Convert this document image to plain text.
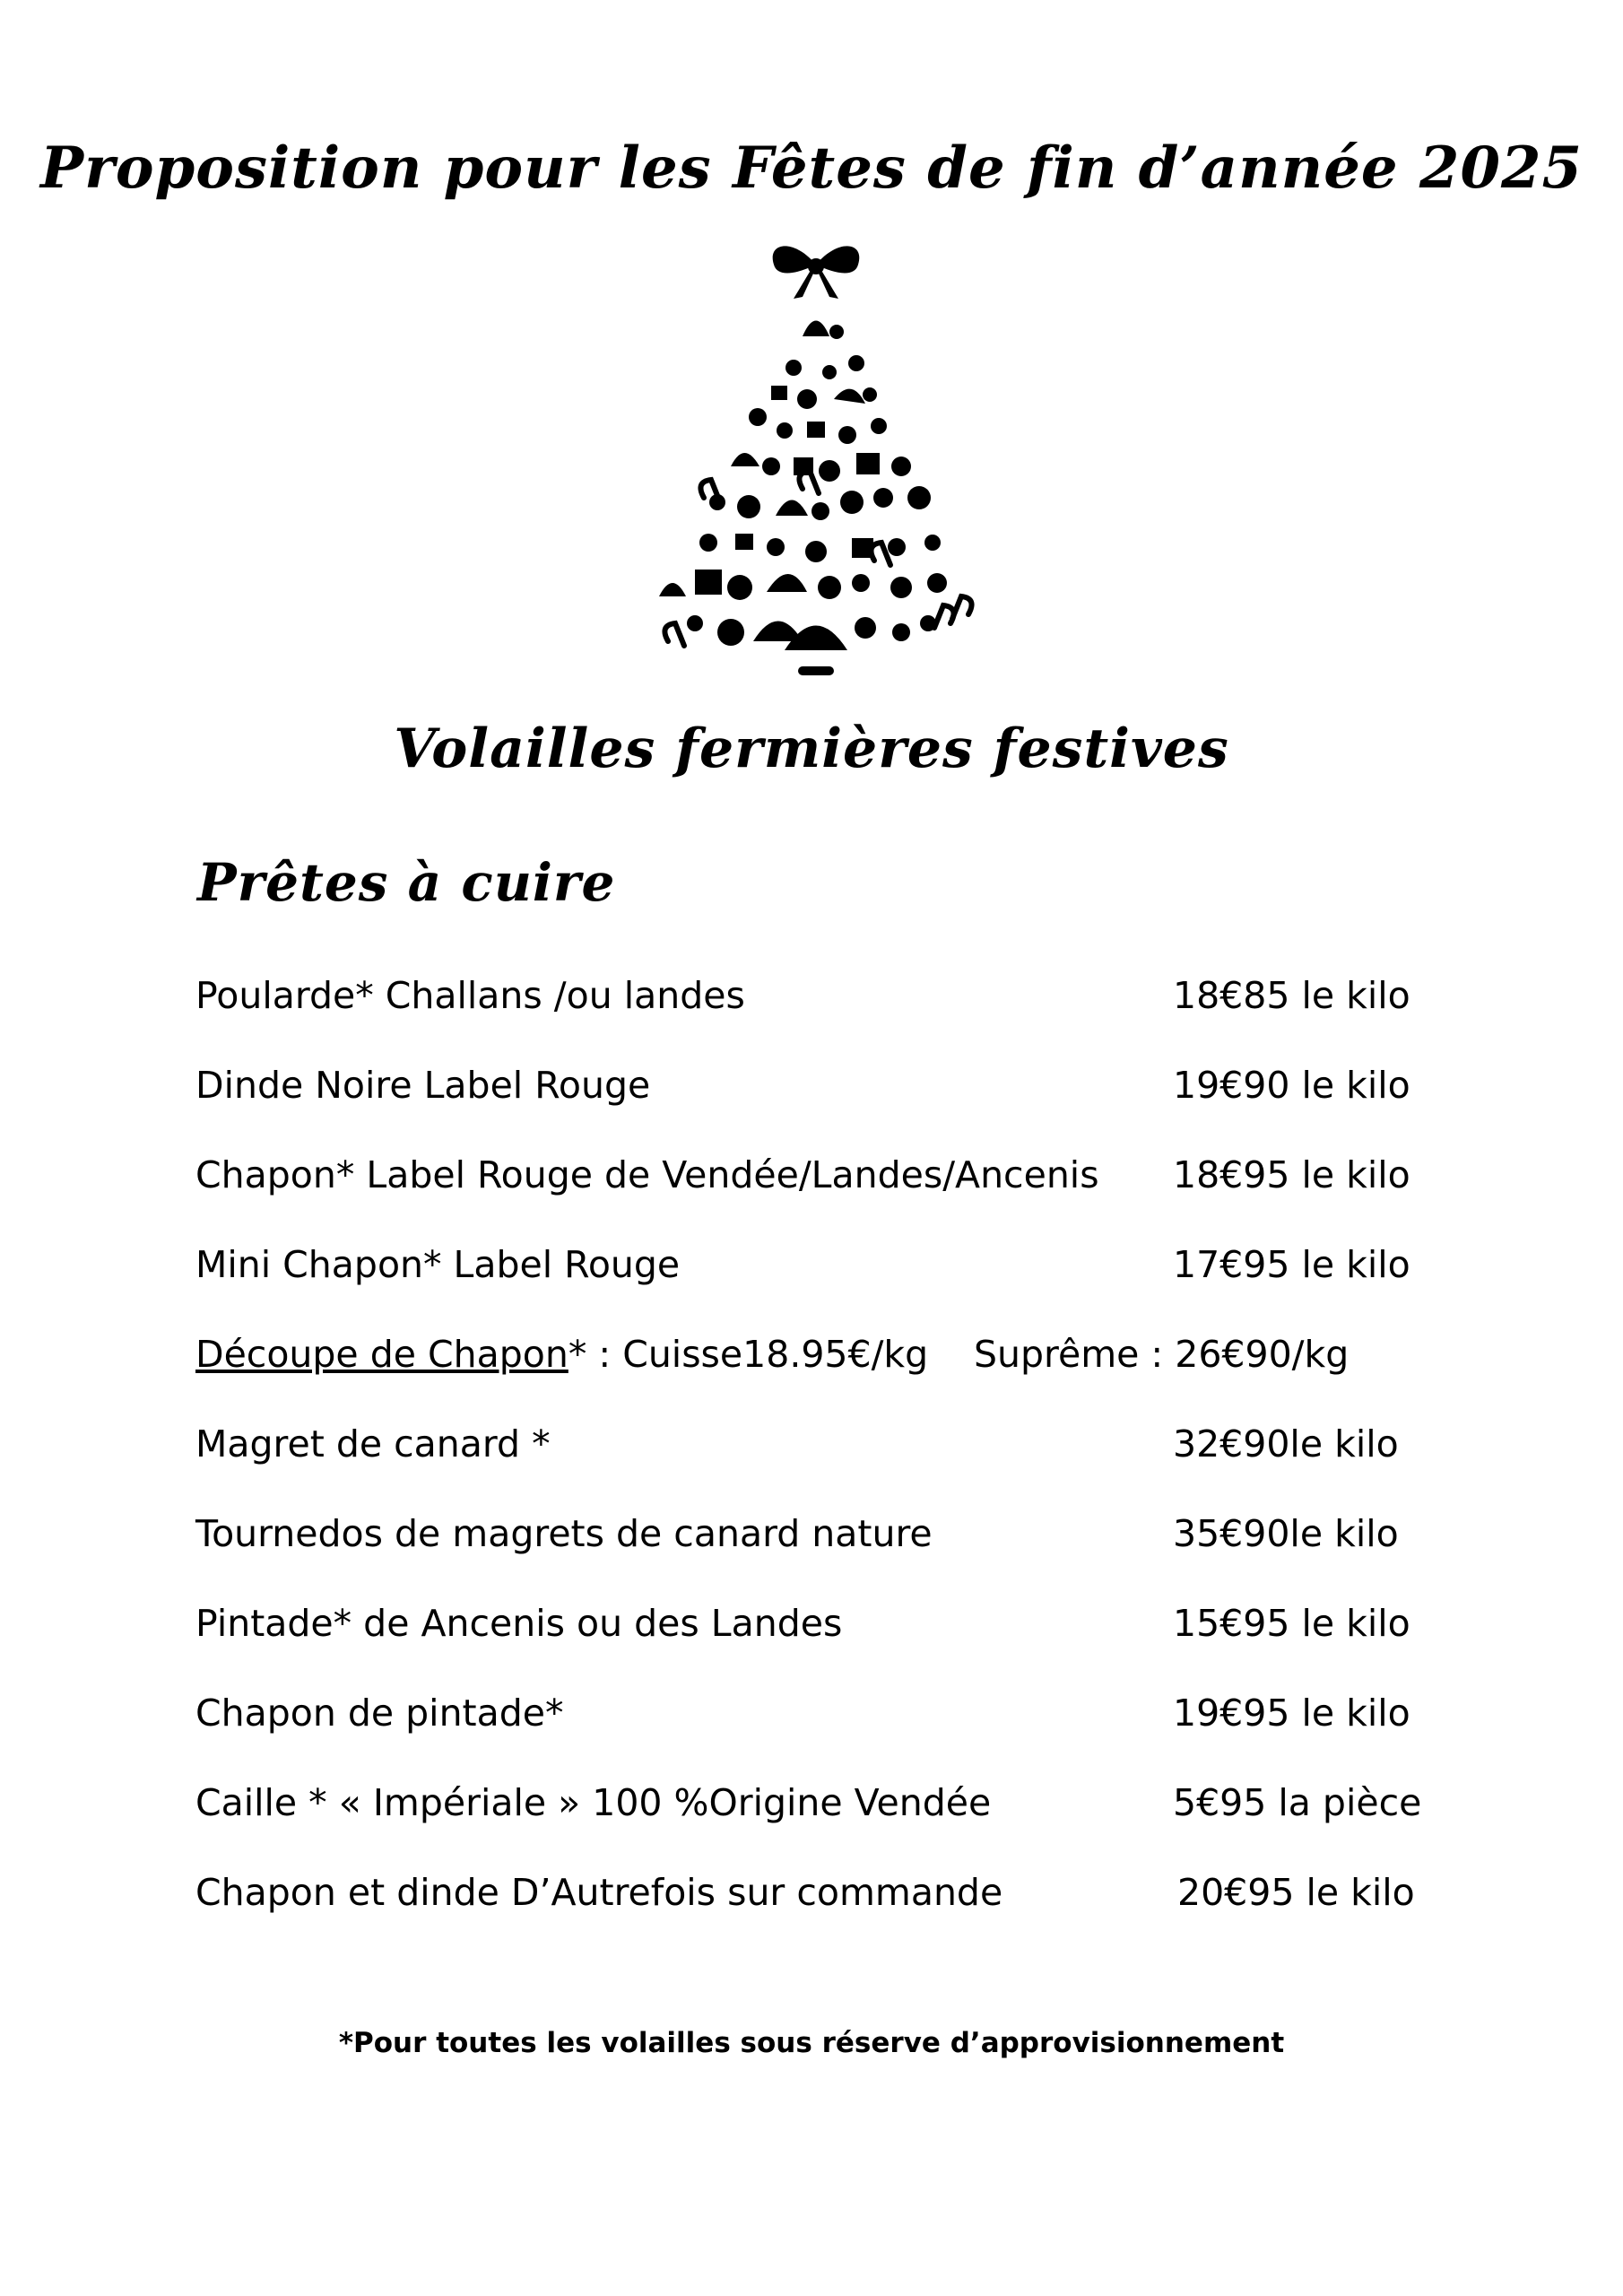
Proposition pour les Fêtes de fin d’année 2025
Volailles fermières festives
Prêtes à cuire
Poularde* Challans /ou landes	18€85 le kilo
Dinde Noire Label Rouge	19€90 le kilo
Chapon* Label Rouge de Vendée/Landes/Ancenis 18€95 le kilo
Mini Chapon* Label Rouge	17€95 le kilo
Découpe de Chapon* : Cuisse18.95€/kg Suprême : 26€90/kg
Magret de canard *	32€90le kilo
Tournedos de magrets de canard nature	35€90le kilo
Pintade* de Ancenis ou des Landes	15€95 le kilo
Chapon de pintade*	19€95 le kilo
Caille * « Impériale » 100 %Origine Vendée	5€95 la pièce
Chapon et dinde D’Autrefois sur commande	20€95 le kilo
*Pour toutes les volailles sous réserve d’approvisionnement
